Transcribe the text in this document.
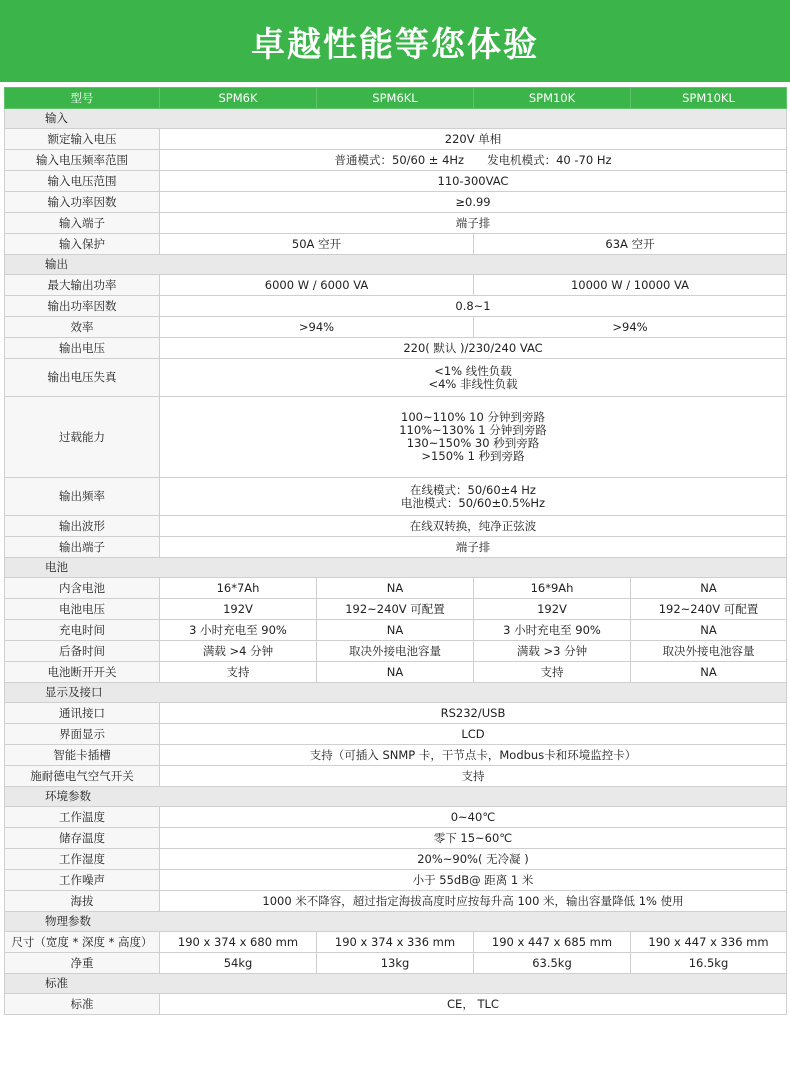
卓越性能等您体验
型号	SPM6K	SPM6KL	SPM10K	SPM10KL
输入				
额定输入电压	220V 单相			
输入电压频率范围	普通模式：50/60 ± 4Hz　　发电机模式：40 -70 Hz			
输入电压范围	110-300VAC			
输入功率因数	≥0.99			
输入端子	端子排			
输入保护	50A 空开		63A 空开	
输出				
最大输出功率	6000 W / 6000 VA		10000 W / 10000 VA	
输出功率因数	0.8~1			
效率	>94%		>94%	
输出电压	220( 默认 )/230/240 VAC			
输出电压失真	<1% 线性负载
<4% 非线性负载			

过载能力	100~110% 10 分钟到旁路
110%~130% 1 分钟到旁路
130~150% 30 秒到旁路
>150% 1 秒到旁路			

输出频率	在线模式：50/60±4 Hz
电池模式：50/60±0.5%Hz			

输出波形	在线双转换，纯净正弦波			
输出端子	端子排			
电池				
内含电池	16*7Ah	NA	16*9Ah	NA
电池电压	192V	192~240V 可配置	192V	192~240V 可配置
充电时间	3 小时充电至 90%	NA	3 小时充电至 90%	NA
后备时间	满载 >4 分钟	取决外接电池容量	满载 >3 分钟	取决外接电池容量
电池断开开关	支持	NA	支持	NA
显示及接口				
通讯接口	RS232/USB			
界面显示	LCD			
智能卡插槽	支持（可插入 SNMP 卡，干节点卡，Modbus卡和环境监控卡）			
施耐德电气空气开关	支持			
环境参数				
工作温度	0~40℃			
储存温度	零下 15~60℃			
工作湿度	20%~90%( 无冷凝 )			
工作噪声	小于 55dB@ 距离 1 米			
海拔	1000 米不降容，超过指定海拔高度时应按每升高 100 米，输出容量降低 1% 使用			
物理参数				
尺寸（宽度 * 深度 * 高度）	190 x 374 x 680 mm	190 x 374 x 336 mm	190 x 447 x 685 mm	190 x 447 x 336 mm
净重	54kg	13kg	63.5kg	16.5kg
标准				
标准	CE， TLC			
